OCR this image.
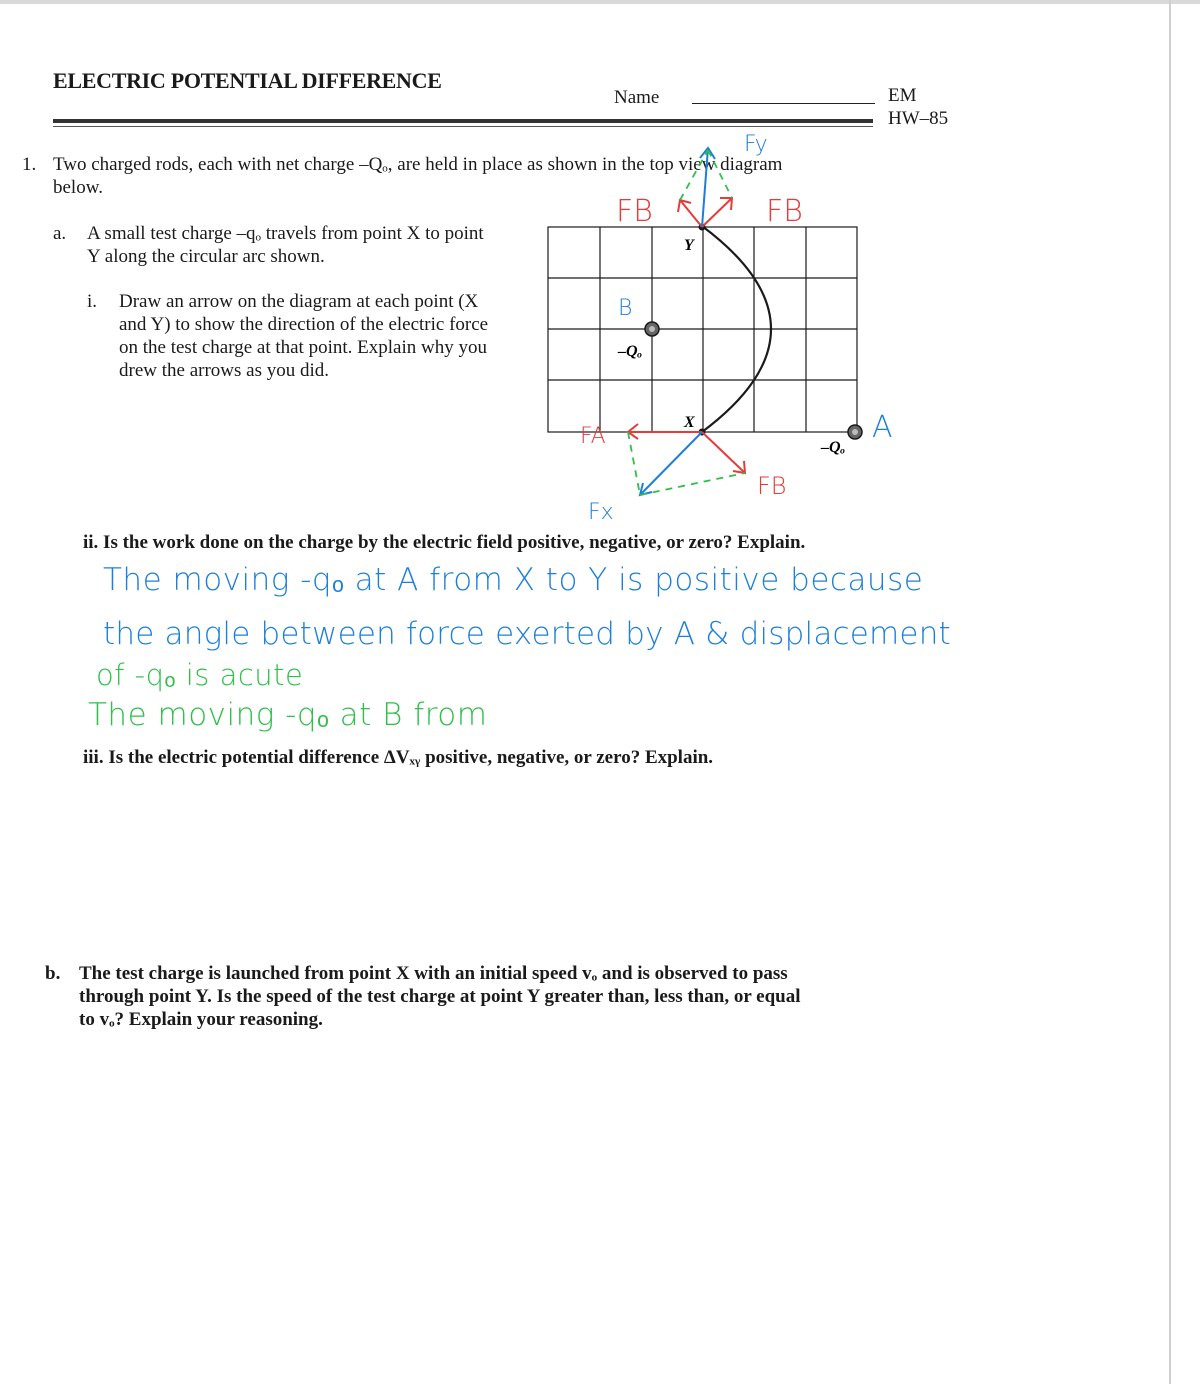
ELECTRIC POTENTIAL DIFFERENCE
Name	EM
HW–85
1. Two charged rods, each with net charge –Qₒ, are held in place as shown in the top view diagram
below.
a. A small test charge –qₒ travels from point X to point
Y along the circular arc shown.
i. Draw an arrow on the diagram at each point (X
and Y) to show the direction of the electric force
on the test charge at that point. Explain why you
drew the arrows as you did.
Y
X
–Qₒ
–Qₒ
FB	FB
Fy
B
A
FA
FB
Fx
ii. Is the work done on the charge by the electric field positive, negative, or zero? Explain.
The moving -qₒ at A from X to Y is positive because
the angle between force exerted by A & displacement
of -qₒ is acute
The moving -qₒ at B from
iii. Is the electric potential difference ΔVₓᵧ positive, negative, or zero? Explain.
b. The test charge is launched from point X with an initial speed vₒ and is observed to pass
through point Y. Is the speed of the test charge at point Y greater than, less than, or equal
to vₒ? Explain your reasoning.
